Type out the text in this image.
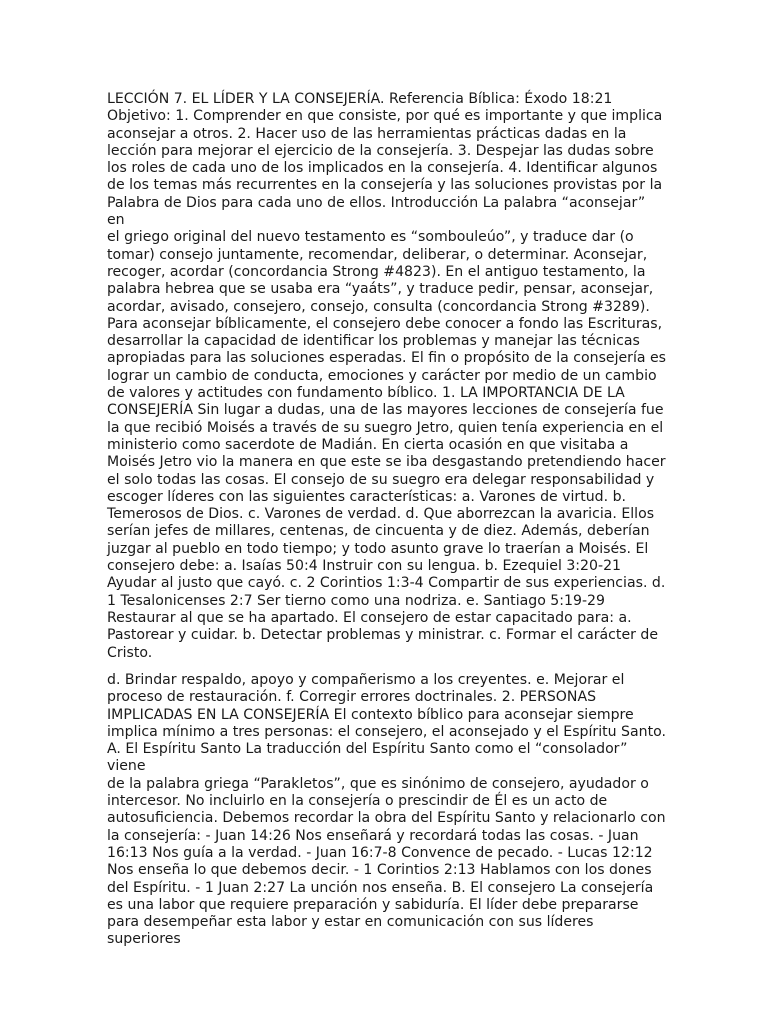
LECCIÓN 7. EL LÍDER Y LA CONSEJERÍA. Referencia Bíblica: Éxodo 18:21
Objetivo: 1. Comprender en que consiste, por qué es importante y que implica
aconsejar a otros. 2. Hacer uso de las herramientas prácticas dadas en la
lección para mejorar el ejercicio de la consejería. 3. Despejar las dudas sobre
los roles de cada uno de los implicados en la consejería. 4. Identificar algunos
de los temas más recurrentes en la consejería y las soluciones provistas por la
Palabra de Dios para cada uno de ellos. Introducción La palabra “aconsejar” en
el griego original del nuevo testamento es “somboulеúo”, y traduce dar (o
tomar) consejo juntamente, recomendar, deliberar, o determinar. Aconsejar,
recoger, acordar (concordancia Strong #4823). En el antiguo testamento, la
palabra hebrea que se usaba era “yaáts”, y traduce pedir, pensar, aconsejar,
acordar, avisado, consejero, consejo, consulta (concordancia Strong #3289).
Para aconsejar bíblicamente, el consejero debe conocer a fondo las Escrituras,
desarrollar la capacidad de identificar los problemas y manejar las técnicas
apropiadas para las soluciones esperadas. El fin o propósito de la consejería es
lograr un cambio de conducta, emociones y carácter por medio de un cambio
de valores y actitudes con fundamento bíblico. 1. LA IMPORTANCIA DE LA
CONSEJERÍA Sin lugar a dudas, una de las mayores lecciones de consejería fue
la que recibió Moisés a través de su suegro Jetro, quien tenía experiencia en el
ministerio como sacerdote de Madián. En cierta ocasión en que visitaba a
Moisés Jetro vio la manera en que este se iba desgastando pretendiendo hacer
el solo todas las cosas. El consejo de su suegro era delegar responsabilidad y
escoger líderes con las siguientes características: a. Varones de virtud. b.
Temerosos de Dios. c. Varones de verdad. d. Que aborrezcan la avaricia. Ellos
serían jefes de millares, centenas, de cincuenta y de diez. Además, deberían
juzgar al pueblo en todo tiempo; y todo asunto grave lo traerían a Moisés. El
consejero debe: a. Isaías 50:4 Instruir con su lengua. b. Ezequiel 3:20-21
Ayudar al justo que cayó. c. 2 Corintios 1:3-4 Compartir de sus experiencias. d.
1 Tesalonicenses 2:7 Ser tierno como una nodriza. e. Santiago 5:19-29
Restaurar al que se ha apartado. El consejero de estar capacitado para: a.
Pastorear y cuidar. b. Detectar problemas y ministrar. c. Formar el carácter de
Cristo.

d. Brindar respaldo, apoyo y compañerismo a los creyentes. e. Mejorar el
proceso de restauración. f. Corregir errores doctrinales. 2. PERSONAS
IMPLICADAS EN LA CONSEJERÍA El contexto bíblico para aconsejar siempre
implica mínimo a tres personas: el consejero, el aconsejado y el Espíritu Santo.
A. El Espíritu Santo La traducción del Espíritu Santo como el “consolador” viene
de la palabra griega “Parakletos”, que es sinónimo de consejero, ayudador o
intercesor. No incluirlo en la consejería o prescindir de Él es un acto de
autosuficiencia. Debemos recordar la obra del Espíritu Santo y relacionarlo con
la consejería: - Juan 14:26 Nos enseñará y recordará todas las cosas. - Juan
16:13 Nos guía a la verdad. - Juan 16:7-8 Convence de pecado. - Lucas 12:12
Nos enseña lo que debemos decir. - 1 Corintios 2:13 Hablamos con los dones
del Espíritu. - 1 Juan 2:27 La unción nos enseña. B. El consejero La consejería
es una labor que requiere preparación y sabiduría. El líder debe prepararse
para desempeñar esta labor y estar en comunicación con sus líderes superiores
